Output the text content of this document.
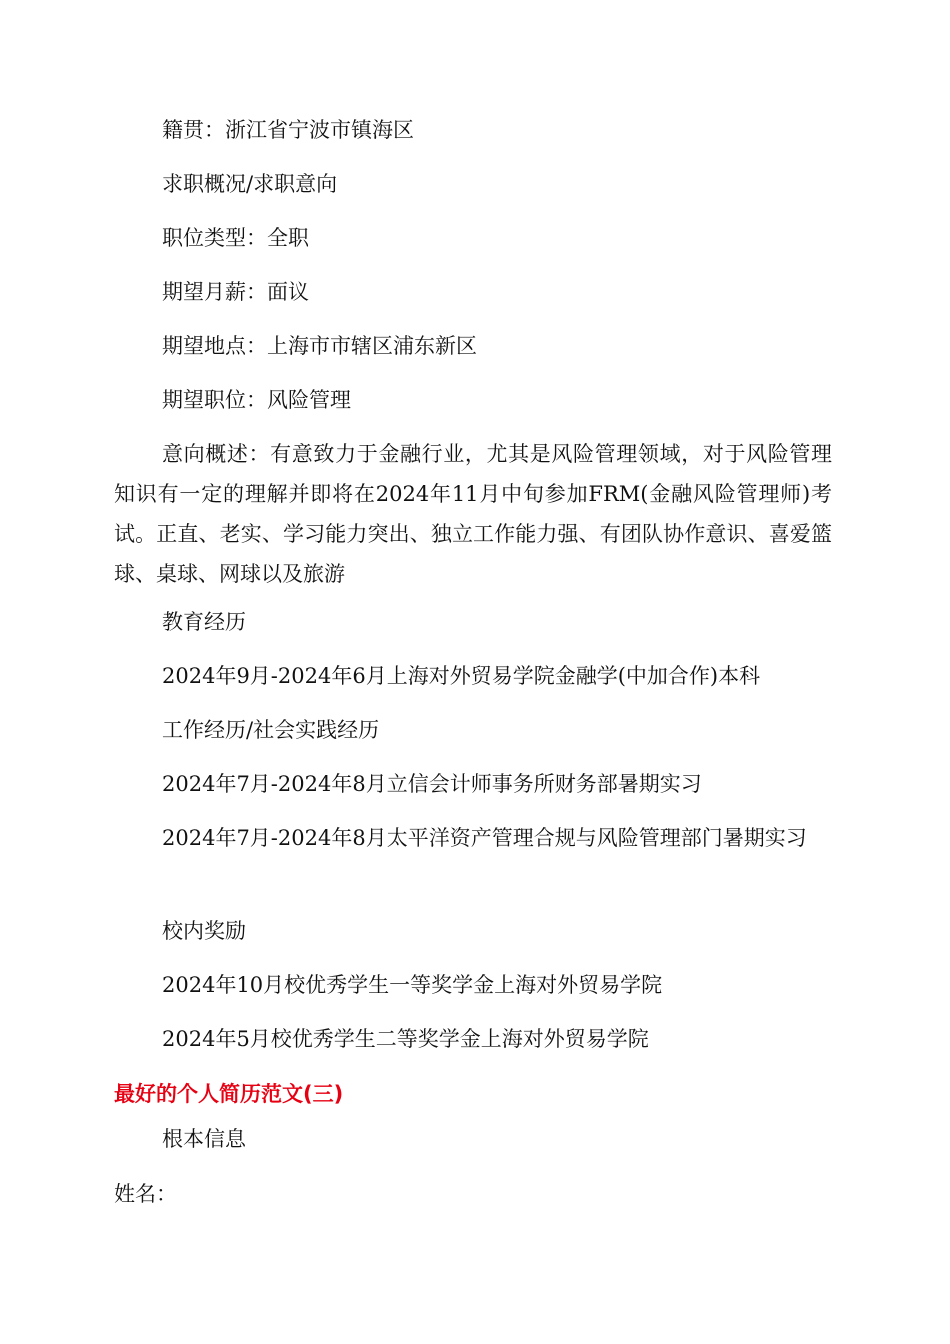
籍贯：浙江省宁波市镇海区

求职概况/求职意向

职位类型：全职

期望月薪：面议

期望地点：上海市市辖区浦东新区

期望职位：风险管理

意向概述：有意致力于金融行业，尤其是风险管理领域，对于风险管理知识有一定的理解并即将在2024年11月中旬参加FRM(金融风险管理师)考试。正直、老实、学习能力突出、独立工作能力强、有团队协作意识、喜爱篮球、桌球、网球以及旅游

教育经历

2024年9月-2024年6月上海对外贸易学院金融学(中加合作)本科

工作经历/社会实践经历

2024年7月-2024年8月立信会计师事务所财务部暑期实习

2024年7月-2024年8月太平洋资产管理合规与风险管理部门暑期实习

校内奖励

2024年10月校优秀学生一等奖学金上海对外贸易学院

2024年5月校优秀学生二等奖学金上海对外贸易学院

最好的个人简历范文(三)

根本信息

姓名：
